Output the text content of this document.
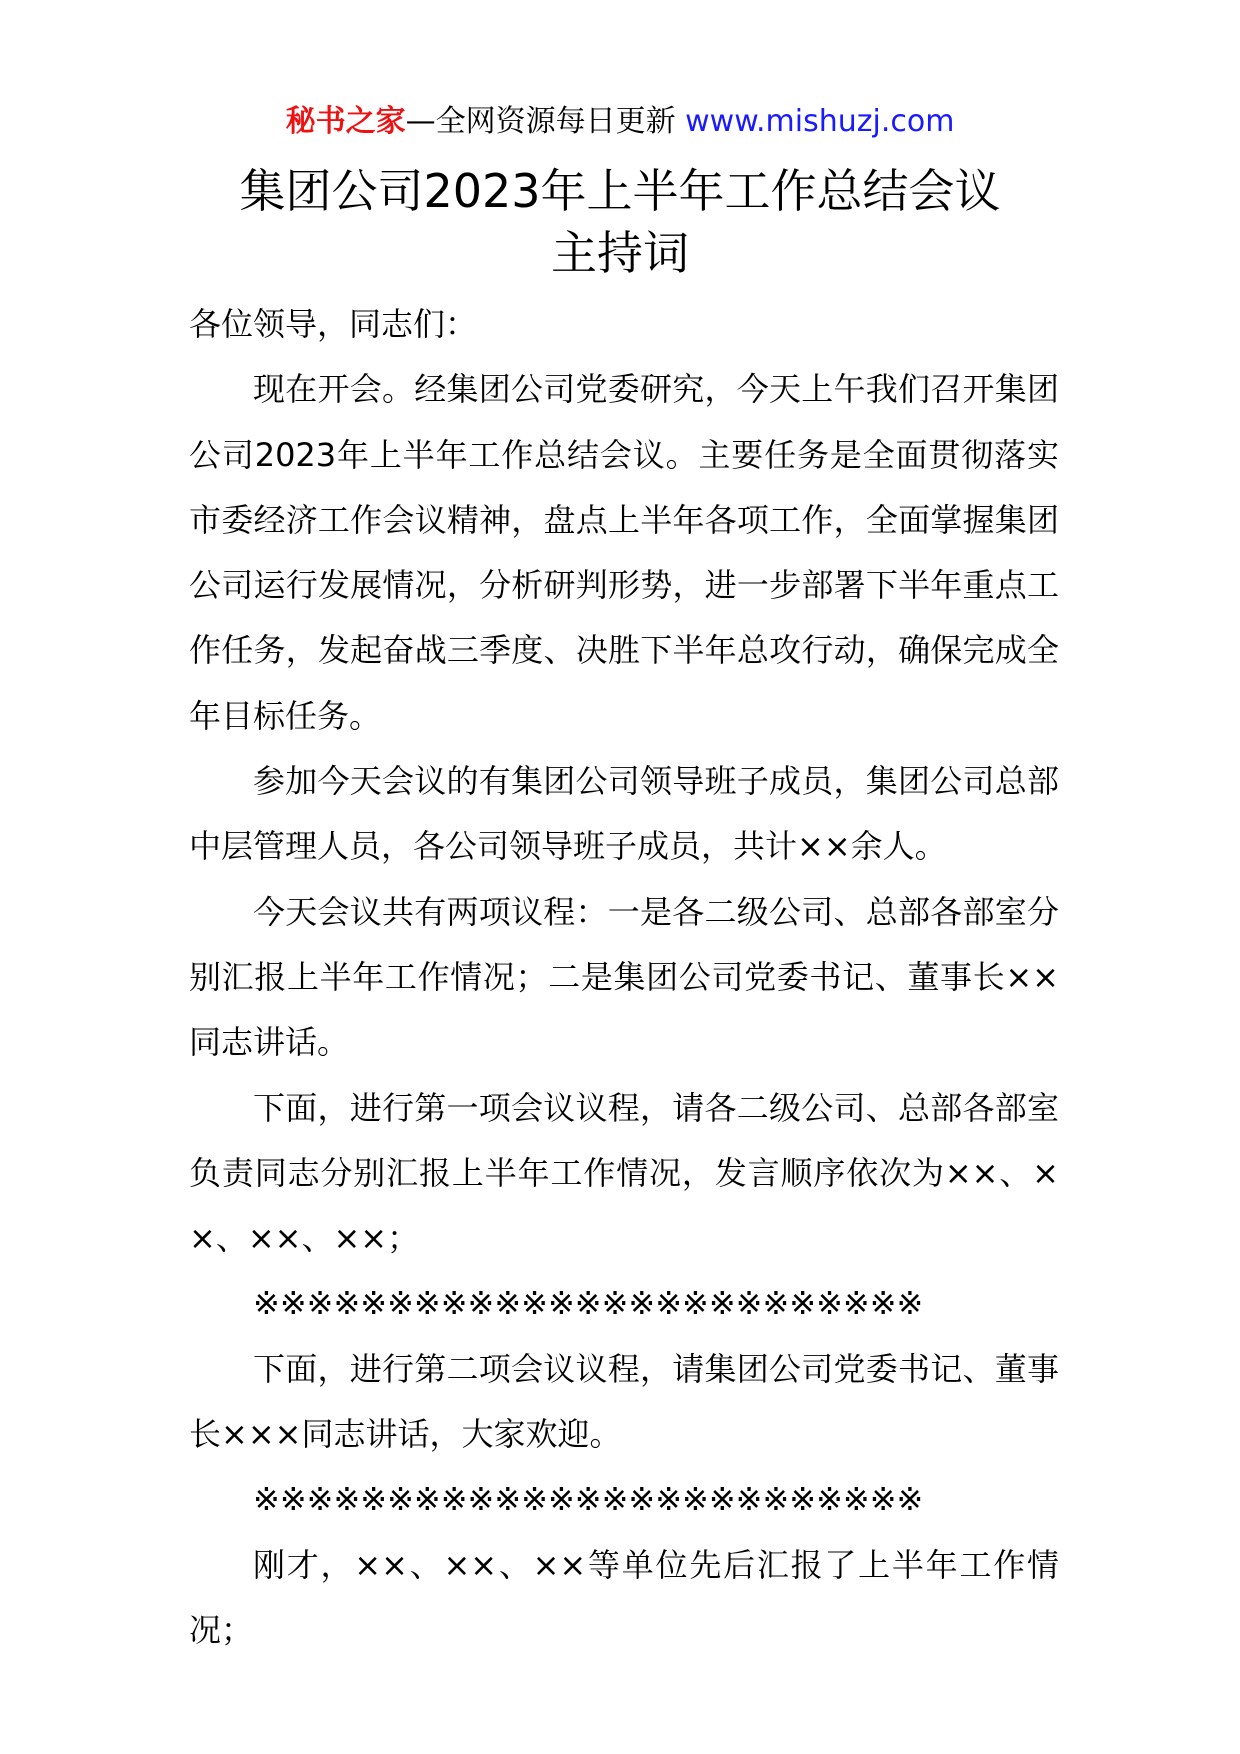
秘书之家—全网资源每日更新 www.mishuzj.com
集团公司2023年上半年工作总结会议
主持词

各位领导，同志们：

现在开会。经集团公司党委研究，今天上午我们召开集团公司2023年上半年工作总结会议。主要任务是全面贯彻落实市委经济工作会议精神，盘点上半年各项工作，全面掌握集团公司运行发展情况，分析研判形势，进一步部署下半年重点工作任务，发起奋战三季度、决胜下半年总攻行动，确保完成全年目标任务。

参加今天会议的有集团公司领导班子成员，集团公司总部中层管理人员，各公司领导班子成员，共计××余人。

今天会议共有两项议程：一是各二级公司、总部各部室分别汇报上半年工作情况；二是集团公司党委书记、董事长××同志讲话。

下面，进行第一项会议议程，请各二级公司、总部各部室负责同志分别汇报上半年工作情况，发言顺序依次为××、××、××、××；

※※※※※※※※※※※※※※※※※※※※※※※※※

下面，进行第二项会议议程，请集团公司党委书记、董事长×××同志讲话，大家欢迎。

※※※※※※※※※※※※※※※※※※※※※※※※※

刚才，××、××、××等单位先后汇报了上半年工作情况；
